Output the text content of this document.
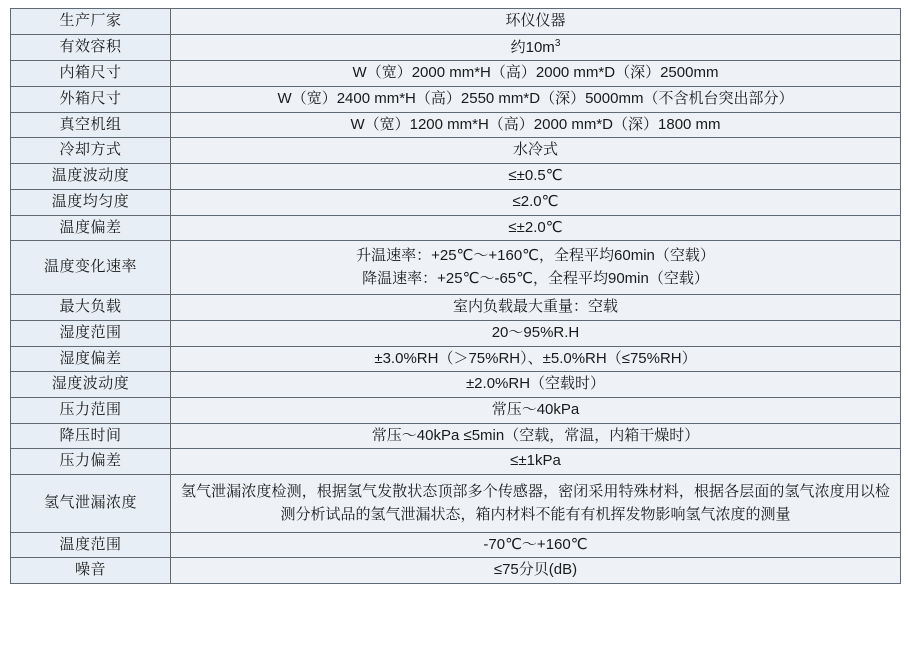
生产厂家	环仪仪器
有效容积	约$10m^3$
内箱尺寸	W（宽）2000 mm*H（高）2000 mm*D（深）2500mm
外箱尺寸	W（宽）2400 mm*H（高）2550 mm*D（深）5000mm（不含机台突出部分）
真空机组	W（宽）1200 mm*H（高）2000 mm*D（深）1800 mm
冷却方式	水冷式
温度波动度	≤±0.5℃
温度均匀度	≤2.0℃
温度偏差	≤±2.0℃
温度变化速率	升温速率：+25℃～+160℃，全程平均60min（空载）
降温速率：+25℃～-65℃，全程平均90min（空载）

最大负载	室内负载最大重量：空载
湿度范围	20～95%R.H
湿度偏差	±3.0%RH（＞75%RH）、±5.0%RH（≤75%RH）
湿度波动度	±2.0%RH（空载时）
压力范围	常压～40kPa
降压时间	常压～40kPa ≤5min（空载，常温，内箱干燥时）
压力偏差	≤±1kPa
氢气泄漏浓度	氢气泄漏浓度检测，根据氢气发散状态顶部多个传感器，密闭采用特殊材料，根据各层面的氢气浓度用以检测分析试品的氢气泄漏状态，箱内材料不能有有机挥发物影响氢气浓度的测量
温度范围	-70℃～+160℃
噪音	≤75分贝(dB)
